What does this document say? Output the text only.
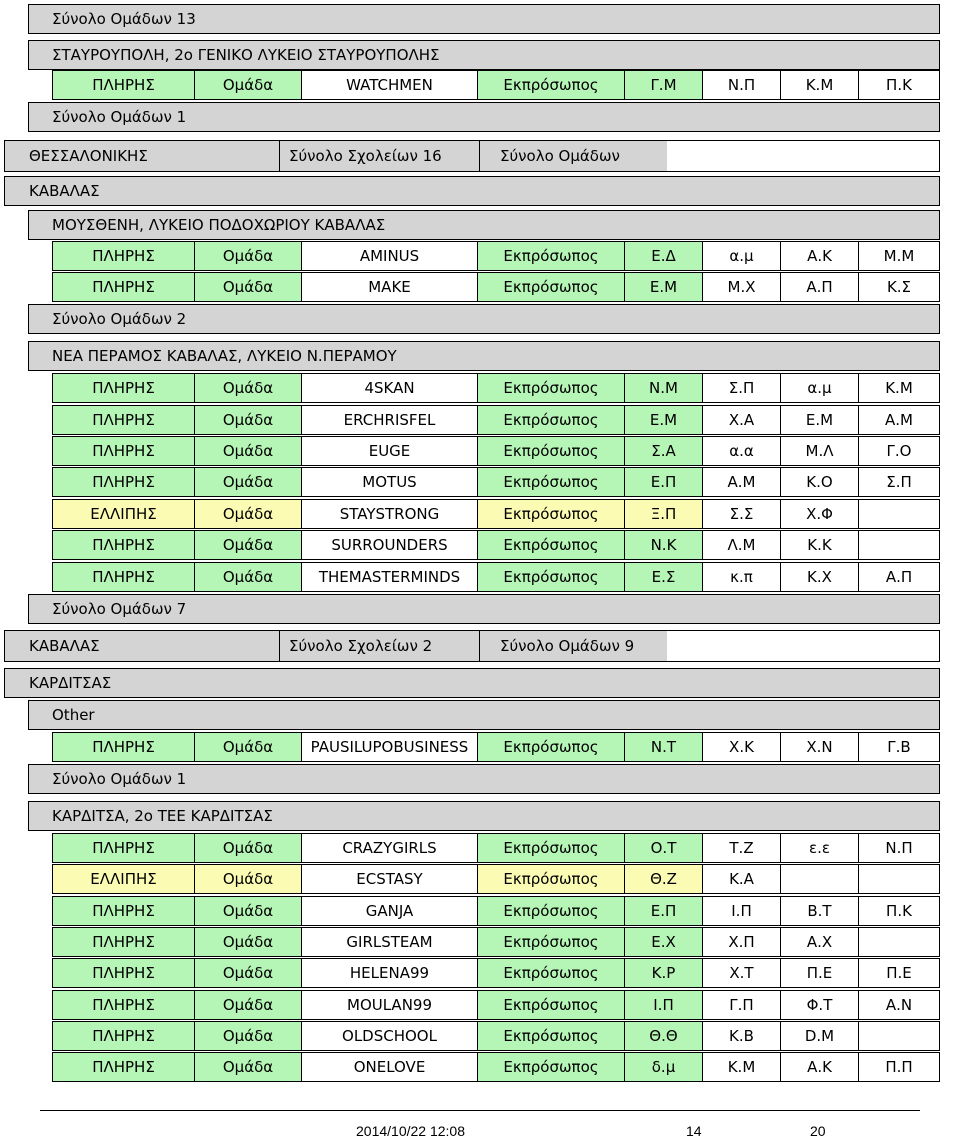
Σύνολο Ομάδων 13
ΣΤΑΥΡΟΥΠΟΛΗ, 2ο ΓΕΝΙΚΟ ΛΥΚΕΙΟ ΣΤΑΥΡΟΥΠΟΛΗΣ
ΠΛΗΡΗΣ	Ομάδα	WATCHMEN	Εκπρόσωπος	Γ.Μ	Ν.Π	Κ.Μ	Π.Κ
Σύνολο Ομάδων 1
ΘΕΣΣΑΛΟΝΙΚΗΣ	Σύνολο Σχολείων 16	Σύνολο Ομάδων
ΚΑΒΑΛΑΣ
ΜΟΥΣΘΕΝΗ, ΛΥΚΕΙΟ ΠΟΔΟΧΩΡΙΟΥ ΚΑΒΑΛΑΣ
ΠΛΗΡΗΣ	Ομάδα	AMINUS	Εκπρόσωπος	Ε.Δ	α.μ	Α.Κ	Μ.Μ
ΠΛΗΡΗΣ	Ομάδα	MAKE	Εκπρόσωπος	Ε.Μ	Μ.Χ	Α.Π	Κ.Σ
Σύνολο Ομάδων 2
ΝΕΑ ΠΕΡΑΜΟΣ ΚΑΒΑΛΑΣ, ΛΥΚΕΙΟ Ν.ΠΕΡΑΜΟΥ
ΠΛΗΡΗΣ	Ομάδα	4SKAN	Εκπρόσωπος	Ν.Μ	Σ.Π	α.μ	Κ.Μ
ΠΛΗΡΗΣ	Ομάδα	ERCHRISFEL	Εκπρόσωπος	Ε.Μ	Χ.Α	Ε.Μ	Α.Μ
ΠΛΗΡΗΣ	Ομάδα	EUGE	Εκπρόσωπος	Σ.Α	α.α	Μ.Λ	Γ.Ο
ΠΛΗΡΗΣ	Ομάδα	MOTUS	Εκπρόσωπος	Ε.Π	Α.Μ	Κ.Ο	Σ.Π
ΕΛΛΙΠΗΣ	Ομάδα	STAYSTRONG	Εκπρόσωπος	Ξ.Π	Σ.Σ	Χ.Φ
ΠΛΗΡΗΣ	Ομάδα	SURROUNDERS	Εκπρόσωπος	Ν.Κ	Λ.Μ	Κ.Κ
ΠΛΗΡΗΣ	Ομάδα	THEMASTERMINDS	Εκπρόσωπος	Ε.Σ	κ.π	Κ.Χ	Α.Π
Σύνολο Ομάδων 7
ΚΑΒΑΛΑΣ	Σύνολο Σχολείων 2	Σύνολο Ομάδων 9
ΚΑΡΔΙΤΣΑΣ
Other
ΠΛΗΡΗΣ	Ομάδα	PAUSILUPOBUSINESS	Εκπρόσωπος	Ν.Τ	Χ.Κ	Χ.Ν	Γ.Β
Σύνολο Ομάδων 1
ΚΑΡΔΙΤΣΑ, 2ο ΤΕΕ ΚΑΡΔΙΤΣΑΣ
ΠΛΗΡΗΣ	Ομάδα	CRAZYGIRLS	Εκπρόσωπος	Ο.Τ	Τ.Ζ	ε.ε	Ν.Π
ΕΛΛΙΠΗΣ	Ομάδα	ECSTASY	Εκπρόσωπος	Θ.Ζ	Κ.Α
ΠΛΗΡΗΣ	Ομάδα	GANJA	Εκπρόσωπος	Ε.Π	Ι.Π	Β.Τ	Π.Κ
ΠΛΗΡΗΣ	Ομάδα	GIRLSTEAM	Εκπρόσωπος	Ε.Χ	Χ.Π	Α.Χ
ΠΛΗΡΗΣ	Ομάδα	HELENA99	Εκπρόσωπος	Κ.Ρ	Χ.Τ	Π.Ε	Π.Ε
ΠΛΗΡΗΣ	Ομάδα	MOULAN99	Εκπρόσωπος	Ι.Π	Γ.Π	Φ.Τ	Α.Ν
ΠΛΗΡΗΣ	Ομάδα	OLDSCHOOL	Εκπρόσωπος	Θ.Θ	Κ.Β	D.Μ
ΠΛΗΡΗΣ	Ομάδα	ONELOVE	Εκπρόσωπος	δ.μ	Κ.Μ	Α.Κ	Π.Π
2014/10/22 12:08	14	20
